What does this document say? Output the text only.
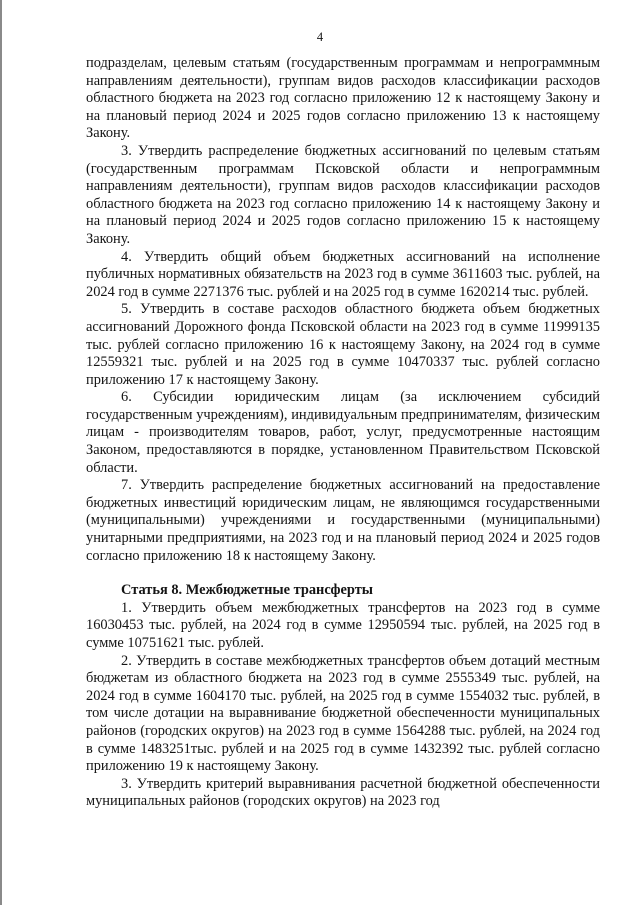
4

подразделам, целевым статьям (государственным программам и непрограммным направлениям деятельности), группам видов расходов классификации расходов областного бюджета на 2023 год согласно приложению 12 к настоящему Закону и на плановый период 2024 и 2025 годов согласно приложению 13 к настоящему Закону.

3. Утвердить распределение бюджетных ассигнований по целевым статьям (государственным программам Псковской области и непрограммным направлениям деятельности), группам видов расходов классификации расходов областного бюджета на 2023 год согласно приложению 14 к настоящему Закону и на плановый период 2024 и 2025 годов согласно приложению 15 к настоящему Закону.

4. Утвердить общий объем бюджетных ассигнований на исполнение публичных нормативных обязательств на 2023 год в сумме 3611603 тыс. рублей, на 2024 год в сумме 2271376 тыс. рублей и на 2025 год в сумме 1620214 тыс. рублей.

5. Утвердить в составе расходов областного бюджета объем бюджетных ассигнований Дорожного фонда Псковской области на 2023 год в сумме 11999135 тыс. рублей согласно приложению 16 к настоящему Закону, на 2024 год в сумме 12559321 тыс. рублей и на 2025 год в сумме 10470337 тыс. рублей согласно приложению 17 к настоящему Закону.

6. Субсидии юридическим лицам (за исключением субсидий государственным учреждениям), индивидуальным предпринимателям, физическим лицам - производителям товаров, работ, услуг, предусмотренные настоящим Законом, предоставляются в порядке, установленном Правительством Псковской области.

7. Утвердить распределение бюджетных ассигнований на предоставление бюджетных инвестиций юридическим лицам, не являющимся государственными (муниципальными) учреждениями и государственными (муниципальными) унитарными предприятиями, на 2023 год и на плановый период 2024 и 2025 годов согласно приложению 18 к настоящему Закону.

Статья 8. Межбюджетные трансферты

1. Утвердить объем межбюджетных трансфертов на 2023 год в сумме 16030453 тыс. рублей, на 2024 год в сумме 12950594 тыс. рублей, на 2025 год в сумме 10751621 тыс. рублей.

2. Утвердить в составе межбюджетных трансфертов объем дотаций местным бюджетам из областного бюджета на 2023 год в сумме 2555349 тыс. рублей, на 2024 год в сумме 1604170 тыс. рублей, на 2025 год в сумме 1554032 тыс. рублей, в том числе дотации на выравнивание бюджетной обеспеченности муниципальных районов (городских округов) на 2023 год в сумме 1564288 тыс. рублей, на 2024 год в сумме 1483251тыс. рублей и на 2025 год в сумме 1432392 тыс. рублей согласно приложению 19 к настоящему Закону.

3. Утвердить критерий выравнивания расчетной бюджетной обеспеченности муниципальных районов (городских округов) на 2023 год
